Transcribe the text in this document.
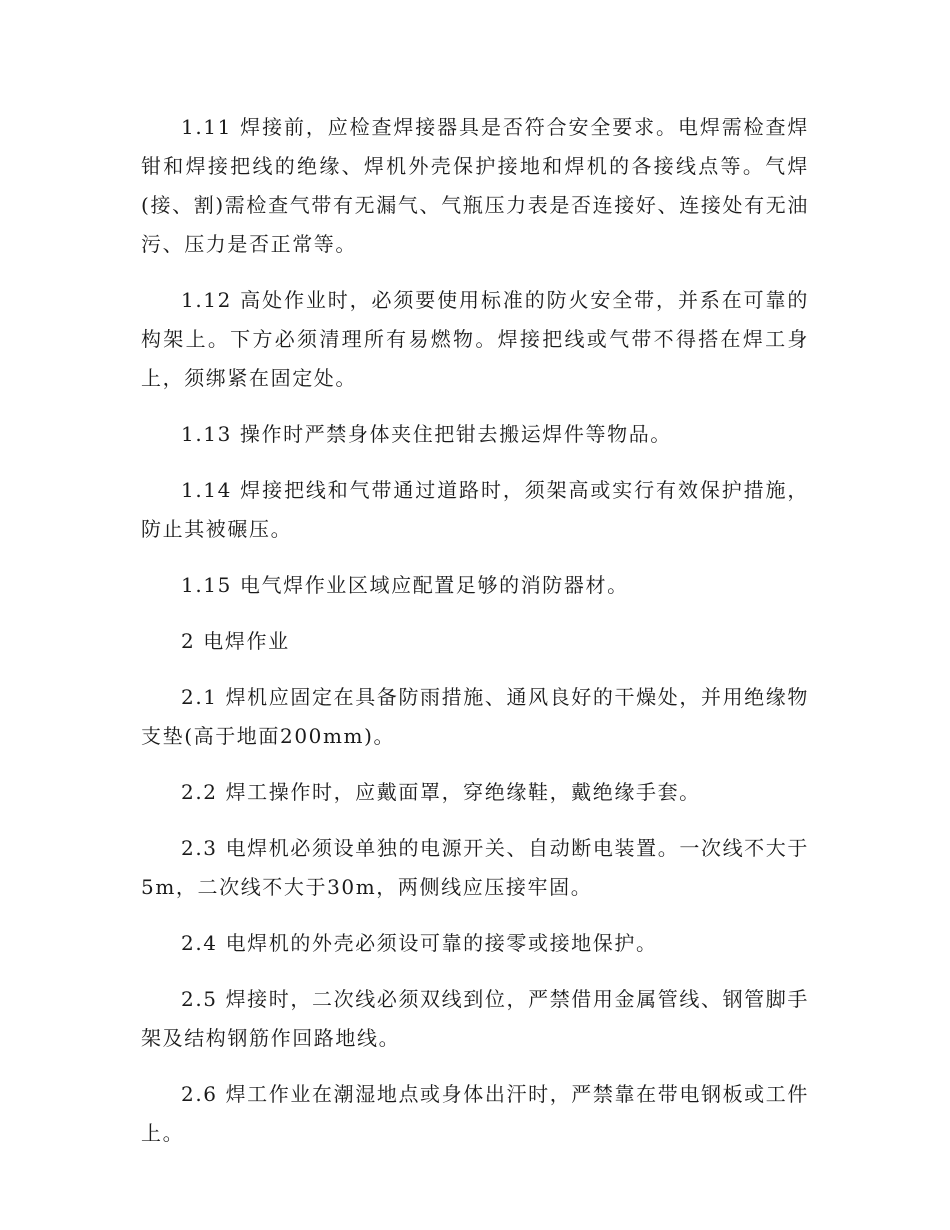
1.11 焊接前，应检查焊接器具是否符合安全要求。电焊需检查焊钳和焊接把线的绝缘、焊机外壳保护接地和焊机的各接线点等。气焊(接、割)需检查气带有无漏气、气瓶压力表是否连接好、连接处有无油污、压力是否正常等。

1.12 高处作业时，必须要使用标准的防火安全带，并系在可靠的构架上。下方必须清理所有易燃物。焊接把线或气带不得搭在焊工身上，须绑紧在固定处。

1.13 操作时严禁身体夹住把钳去搬运焊件等物品。

1.14 焊接把线和气带通过道路时，须架高或实行有效保护措施，防止其被碾压。

1.15 电气焊作业区域应配置足够的消防器材。

2 电焊作业

2.1 焊机应固定在具备防雨措施、通风良好的干燥处，并用绝缘物支垫(高于地面200mm)。

2.2 焊工操作时，应戴面罩，穿绝缘鞋，戴绝缘手套。

2.3 电焊机必须设单独的电源开关、自动断电装置。一次线不大于5m，二次线不大于30m，两侧线应压接牢固。

2.4 电焊机的外壳必须设可靠的接零或接地保护。

2.5 焊接时，二次线必须双线到位，严禁借用金属管线、钢管脚手架及结构钢筋作回路地线。

2.6 焊工作业在潮湿地点或身体出汗时，严禁靠在带电钢板或工件上。
